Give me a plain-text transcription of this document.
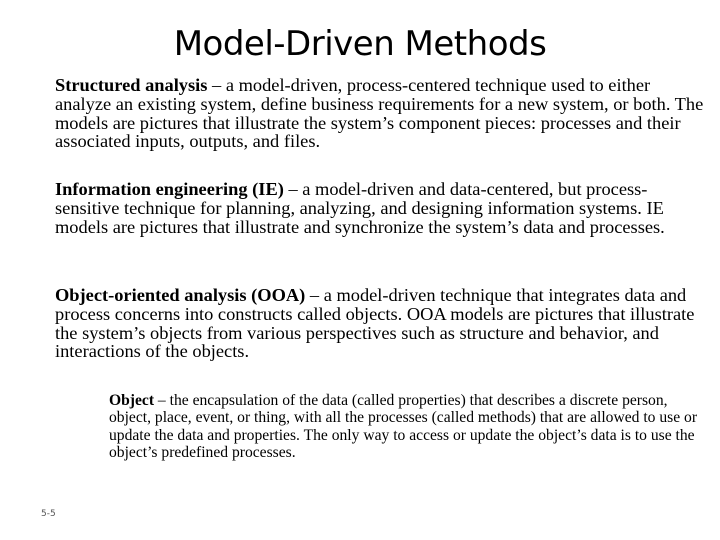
Model-Driven Methods
Structured analysis – a model-driven, process-centered technique used to either analyze an existing system, define business requirements for a new system, or both. The models are pictures that illustrate the system’s component pieces: processes and their associated inputs, outputs, and files.
Information engineering (IE) – a model-driven and data-centered, but process-sensitive technique for planning, analyzing, and designing information systems. IE models are pictures that illustrate and synchronize the system’s data and processes.
Object-oriented analysis (OOA) – a model-driven technique that integrates data and process concerns into constructs called objects. OOA models are pictures that illustrate the system’s objects from various perspectives such as structure and behavior, and interactions of the objects.
Object – the encapsulation of the data (called properties) that describes a discrete person, object, place, event, or thing, with all the processes (called methods) that are allowed to use or update the data and properties. The only way to access or update the object’s data is to use the object’s predefined processes.
5-5
